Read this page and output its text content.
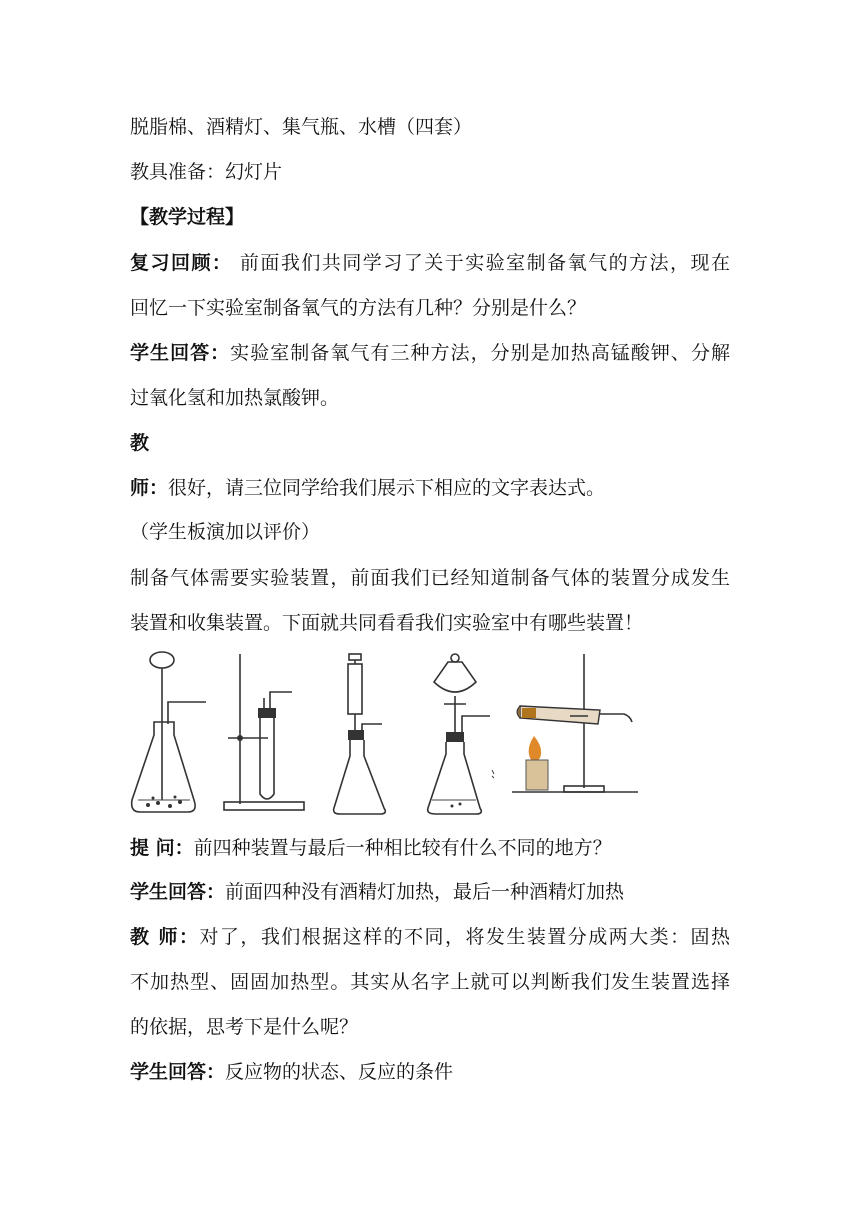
脱脂棉、酒精灯、集气瓶、水槽（四套）
教具准备：幻灯片
【教学过程】
复习回顾： 前面我们共同学习了关于实验室制备氧气的方法，现在
回忆一下实验室制备氧气的方法有几种？分别是什么？
学生回答：实验室制备氧气有三种方法，分别是加热高锰酸钾、分解
过氧化氢和加热氯酸钾。
教
师：很好，请三位同学给我们展示下相应的文字表达式。
（学生板演加以评价）
制备气体需要实验装置，前面我们已经知道制备气体的装置分成发生
装置和收集装置。下面就共同看看我们实验室中有哪些装置！
提 问：前四种装置与最后一种相比较有什么不同的地方？
学生回答：前面四种没有酒精灯加热，最后一种酒精灯加热
教 师：对了，我们根据这样的不同，将发生装置分成两大类：固热
不加热型、固固加热型。其实从名字上就可以判断我们发生装置选择
的依据，思考下是什么呢？
学生回答：反应物的状态、反应的条件
